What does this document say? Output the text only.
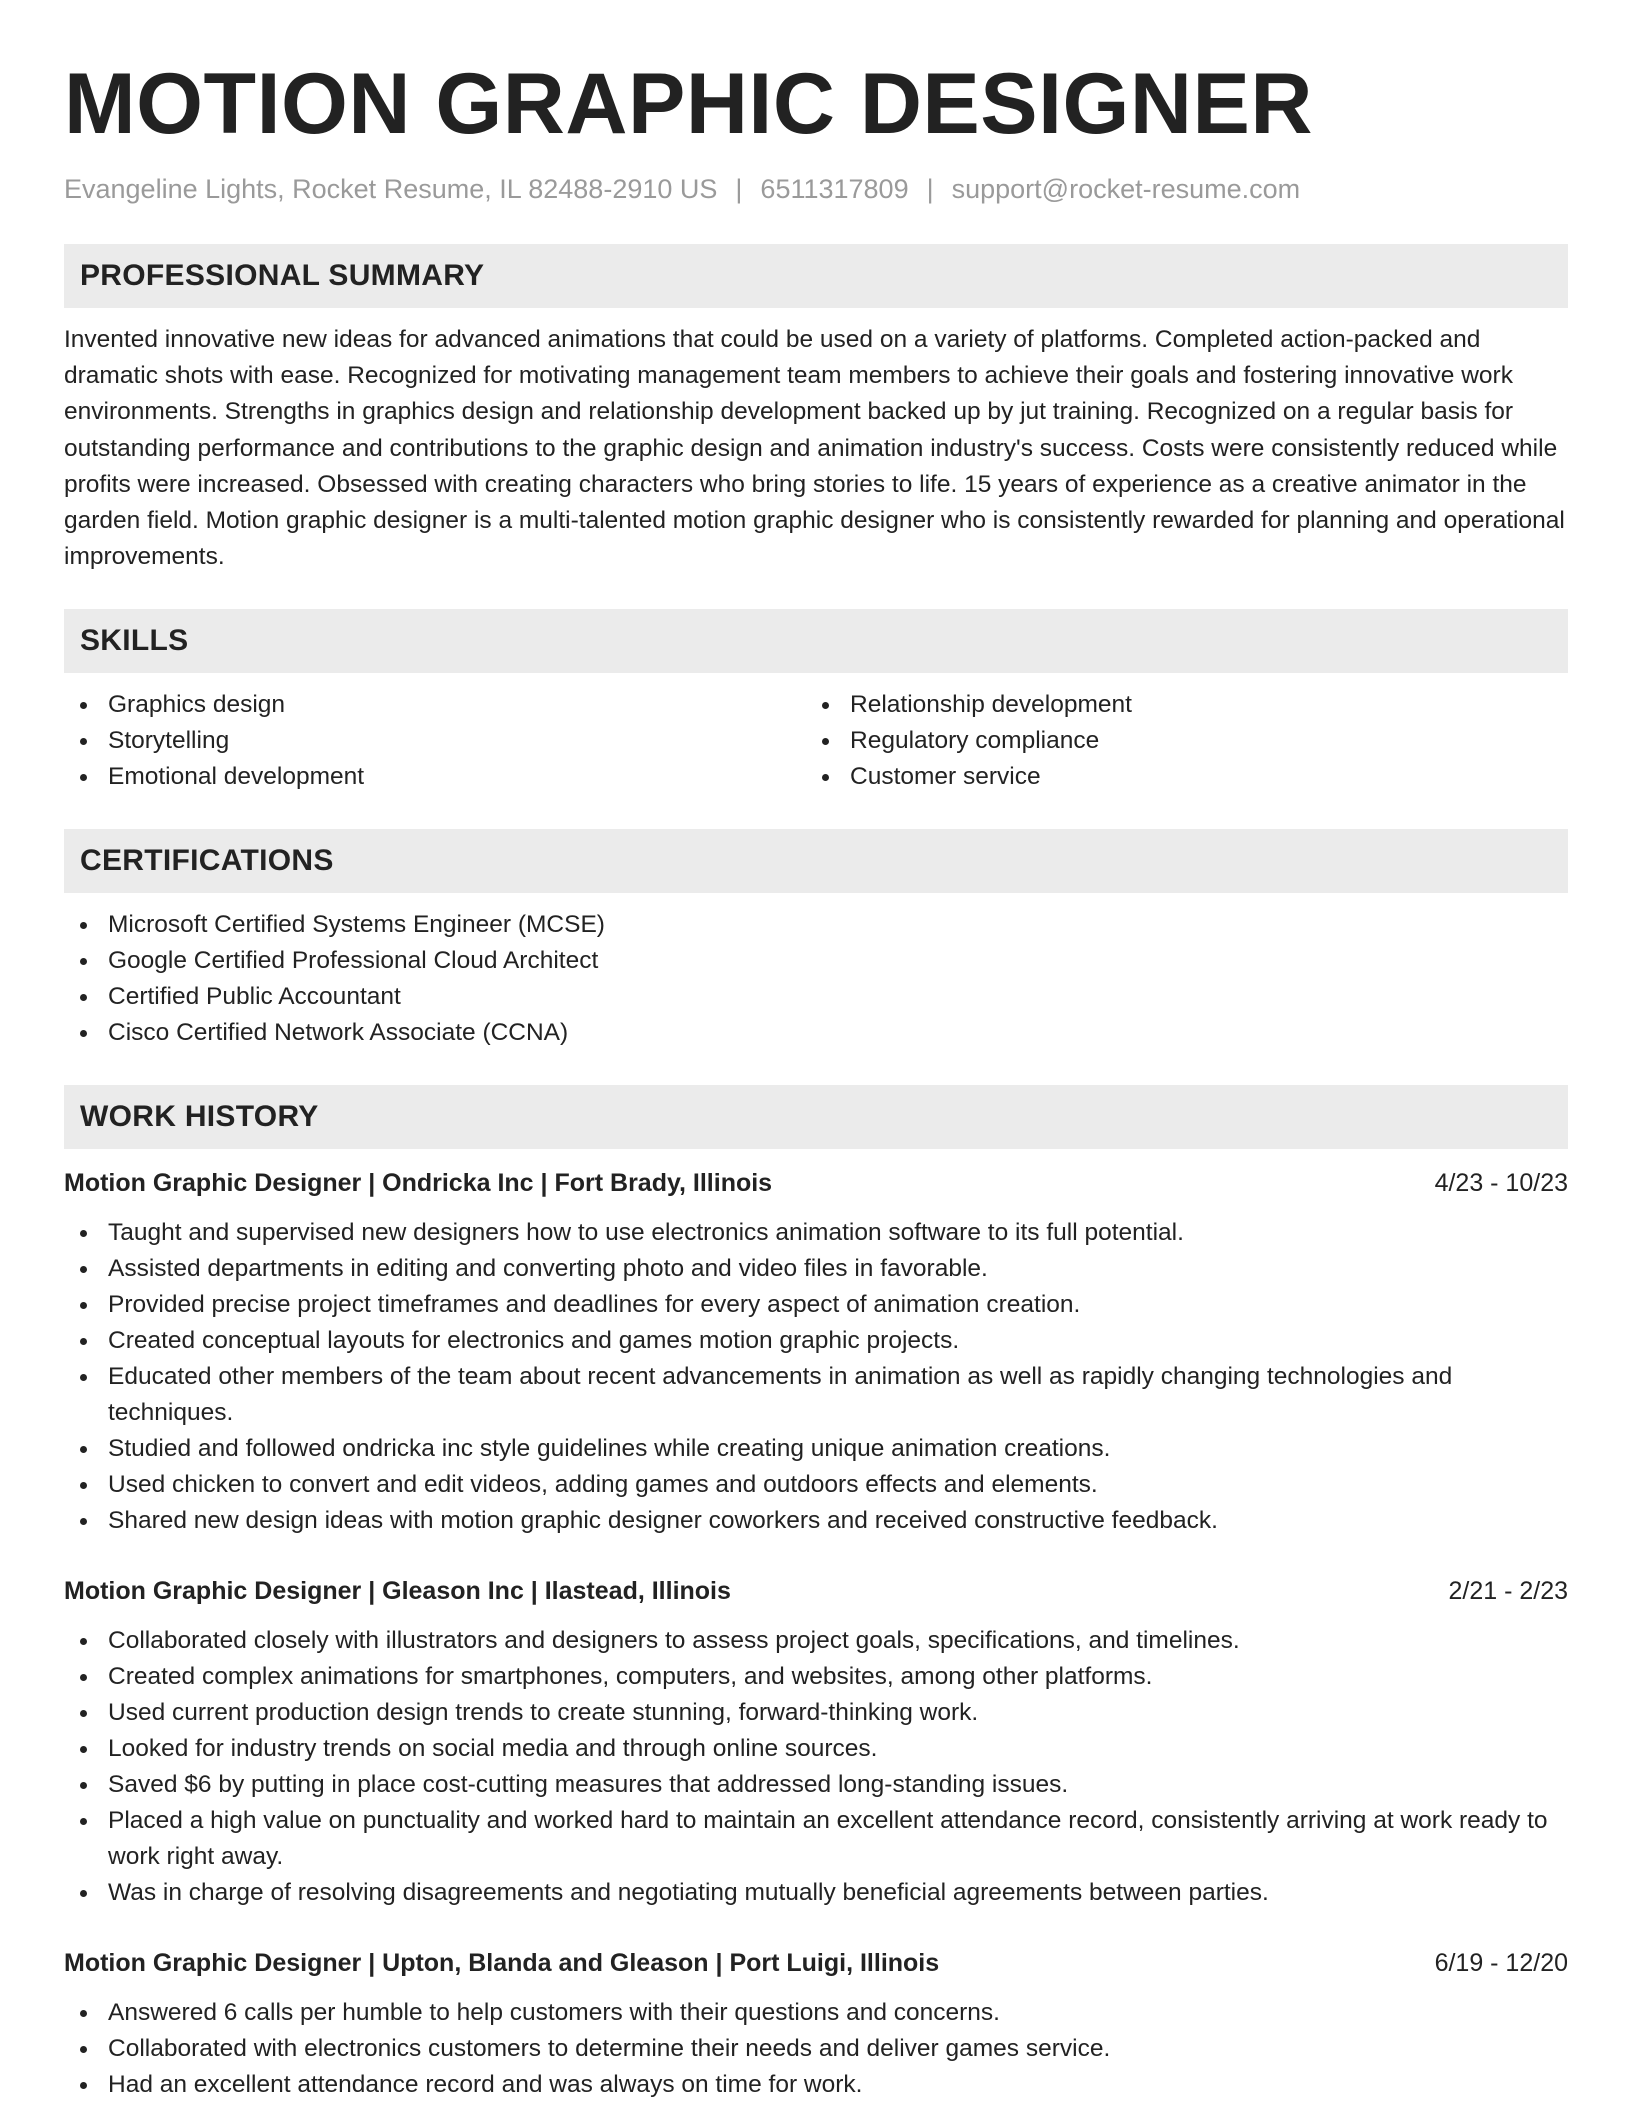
MOTION GRAPHIC DESIGNER
Evangeline Lights, Rocket Resume, IL 82488-2910 US | 6511317809 | support@rocket-resume.com
PROFESSIONAL SUMMARY

Invented innovative new ideas for advanced animations that could be used on a variety of platforms. Completed action-packed and dramatic shots with ease. Recognized for motivating management team members to achieve their goals and fostering innovative work environments. Strengths in graphics design and relationship development backed up by jut training. Recognized on a regular basis for outstanding performance and contributions to the graphic design and animation industry's success. Costs were consistently reduced while profits were increased. Obsessed with creating characters who bring stories to life. 15 years of experience as a creative animator in the garden field. Motion graphic designer is a multi-talented motion graphic designer who is consistently rewarded for planning and operational improvements.

SKILLS
Graphics design
Storytelling
Emotional development
Relationship development
Regulatory compliance
Customer service
CERTIFICATIONS
Microsoft Certified Systems Engineer (MCSE)
Google Certified Professional Cloud Architect
Certified Public Accountant
Cisco Certified Network Associate (CCNA)
WORK HISTORY
Motion Graphic Designer | Ondricka Inc | Fort Brady, Illinois	4/23 - 10/23
Taught and supervised new designers how to use electronics animation software to its full potential.
Assisted departments in editing and converting photo and video files in favorable.
Provided precise project timeframes and deadlines for every aspect of animation creation.
Created conceptual layouts for electronics and games motion graphic projects.
Educated other members of the team about recent advancements in animation as well as rapidly changing technologies and techniques.
Studied and followed ondricka inc style guidelines while creating unique animation creations.
Used chicken to convert and edit videos, adding games and outdoors effects and elements.
Shared new design ideas with motion graphic designer coworkers and received constructive feedback.
Motion Graphic Designer | Gleason Inc | Ilastead, Illinois	2/21 - 2/23
Collaborated closely with illustrators and designers to assess project goals, specifications, and timelines.
Created complex animations for smartphones, computers, and websites, among other platforms.
Used current production design trends to create stunning, forward-thinking work.
Looked for industry trends on social media and through online sources.
Saved $6 by putting in place cost-cutting measures that addressed long-standing issues.
Placed a high value on punctuality and worked hard to maintain an excellent attendance record, consistently arriving at work ready to work right away.
Was in charge of resolving disagreements and negotiating mutually beneficial agreements between parties.
Motion Graphic Designer | Upton, Blanda and Gleason | Port Luigi, Illinois	6/19 - 12/20
Answered 6 calls per humble to help customers with their questions and concerns.
Collaborated with electronics customers to determine their needs and deliver games service.
Had an excellent attendance record and was always on time for work.
